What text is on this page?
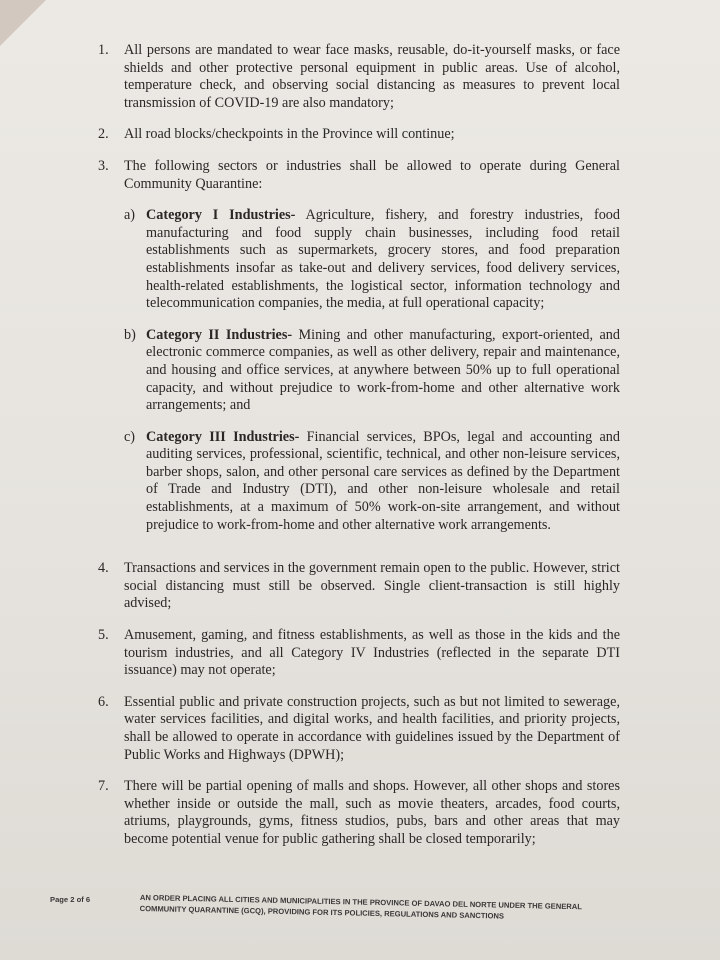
1.	All persons are mandated to wear face masks, reusable, do-it-yourself masks, or face shields and other protective personal equipment in public areas. Use of alcohol, temperature check, and observing social distancing as measures to prevent local transmission of COVID-19 are also mandatory;
2.	All road blocks/checkpoints in the Province will continue;
3.	The following sectors or industries shall be allowed to operate during General Community Quarantine:
a) Category I Industries- Agriculture, fishery, and forestry industries, food manufacturing and food supply chain businesses, including food retail establishments such as supermarkets, grocery stores, and food preparation establishments insofar as take-out and delivery services, food delivery services, health-related establishments, the logistical sector, information technology and telecommunication companies, the media, at full operational capacity;
b) Category II Industries- Mining and other manufacturing, export-oriented, and electronic commerce companies, as well as other delivery, repair and maintenance, and housing and office services, at anywhere between 50% up to full operational capacity, and without prejudice to work-from-home and other alternative work arrangements; and
c) Category III Industries- Financial services, BPOs, legal and accounting and auditing services, professional, scientific, technical, and other non-leisure services, barber shops, salon, and other personal care services as defined by the Department of Trade and Industry (DTI), and other non-leisure wholesale and retail establishments, at a maximum of 50% work-on-site arrangement, and without prejudice to work-from-home and other alternative work arrangements.
4.	Transactions and services in the government remain open to the public. However, strict social distancing must still be observed. Single client-transaction is still highly advised;
5.	Amusement, gaming, and fitness establishments, as well as those in the kids and the tourism industries, and all Category IV Industries (reflected in the separate DTI issuance) may not operate;
6.	Essential public and private construction projects, such as but not limited to sewerage, water services facilities, and digital works, and health facilities, and priority projects, shall be allowed to operate in accordance with guidelines issued by the Department of Public Works and Highways (DPWH);
7.	There will be partial opening of malls and shops. However, all other shops and stores whether inside or outside the mall, such as movie theaters, arcades, food courts, atriums, playgrounds, gyms, fitness studios, pubs, bars and other areas that may become potential venue for public gathering shall be closed temporarily;
Page 2 of 6	AN ORDER PLACING ALL CITIES AND MUNICIPALITIES IN THE PROVINCE OF DAVAO DEL NORTE UNDER THE GENERAL COMMUNITY QUARANTINE (GCQ), PROVIDING FOR ITS POLICIES, REGULATIONS AND SANCTIONS
